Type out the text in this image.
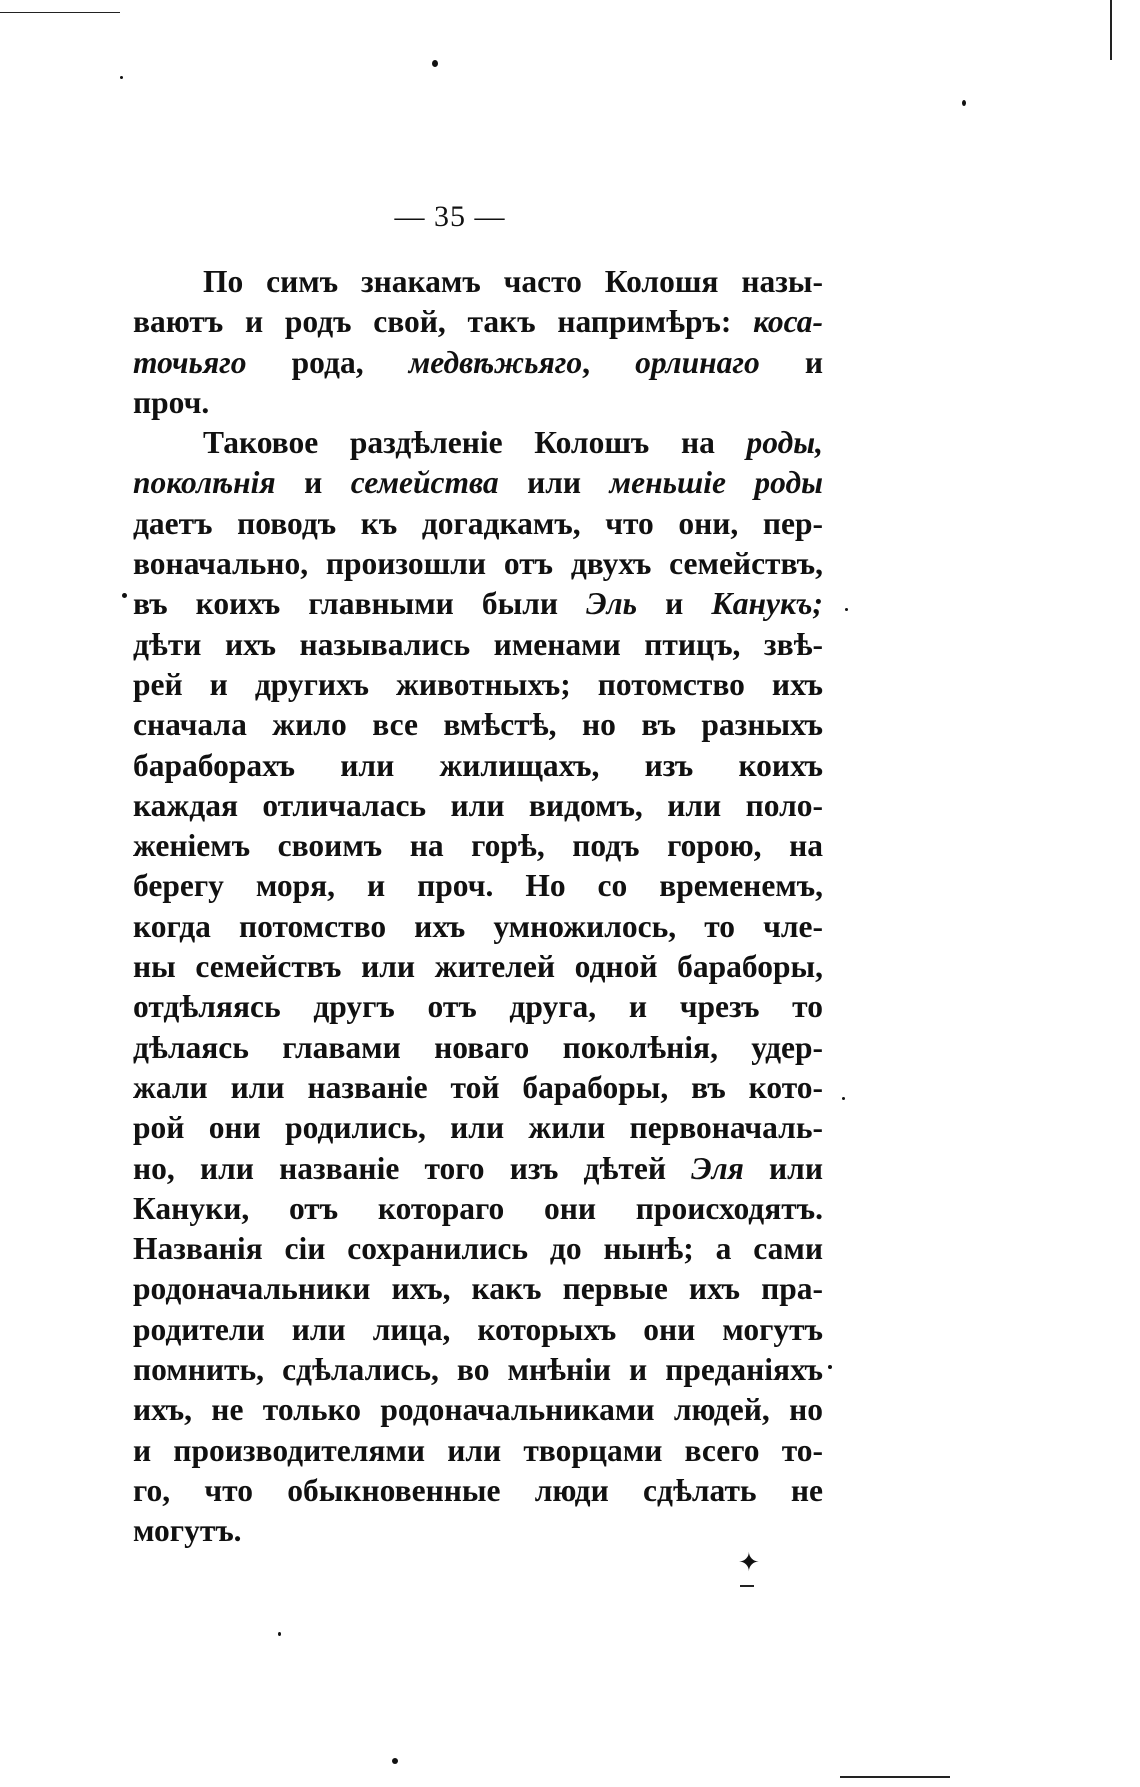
— 35 —
По симъ знакамъ часто Колошя назы-
ваютъ и родъ свой, такъ напримѣръ: коса-
точьяго рода, медвѣжьяго, орлинаго и
проч.
Таковое раздѣленіе Колошъ на роды,
поколѣнія и семейства или меньшіе роды
даетъ поводъ къ догадкамъ, что они, пер-
воначально, произошли отъ двухъ семействъ,
въ коихъ главными были Эль и Канукъ;
дѣти ихъ назывались именами птицъ, звѣ-
рей и другихъ животныхъ; потомство ихъ
сначала жило все вмѣстѣ, но въ разныхъ
бараборахъ или жилищахъ, изъ коихъ
каждая отличалась или видомъ, или поло-
женіемъ своимъ на горѣ, подъ горою, на
берегу моря, и проч. Но со временемъ,
когда потомство ихъ умножилось, то чле-
ны семействъ или жителей одной бараборы,
отдѣляясь другъ отъ друга, и чрезъ то
дѣлаясь главами новаго поколѣнія, удер-
жали или названіе той бараборы, въ кото-
рой они родились, или жили первоначаль-
но, или названіе того изъ дѣтей Эля или
Кануки, отъ котораго они происходятъ.
Названія сіи сохранились до нынѣ; а сами
родоначальники ихъ, какъ первые ихъ пра-
родители или лица, которыхъ они могутъ
помнить, сдѣлались, во мнѣніи и преданіяхъ
ихъ, не только родоначальниками людей, но
и производителями или творцами всего то-
го, что обыкновенные люди сдѣлать не
могутъ.
✦
